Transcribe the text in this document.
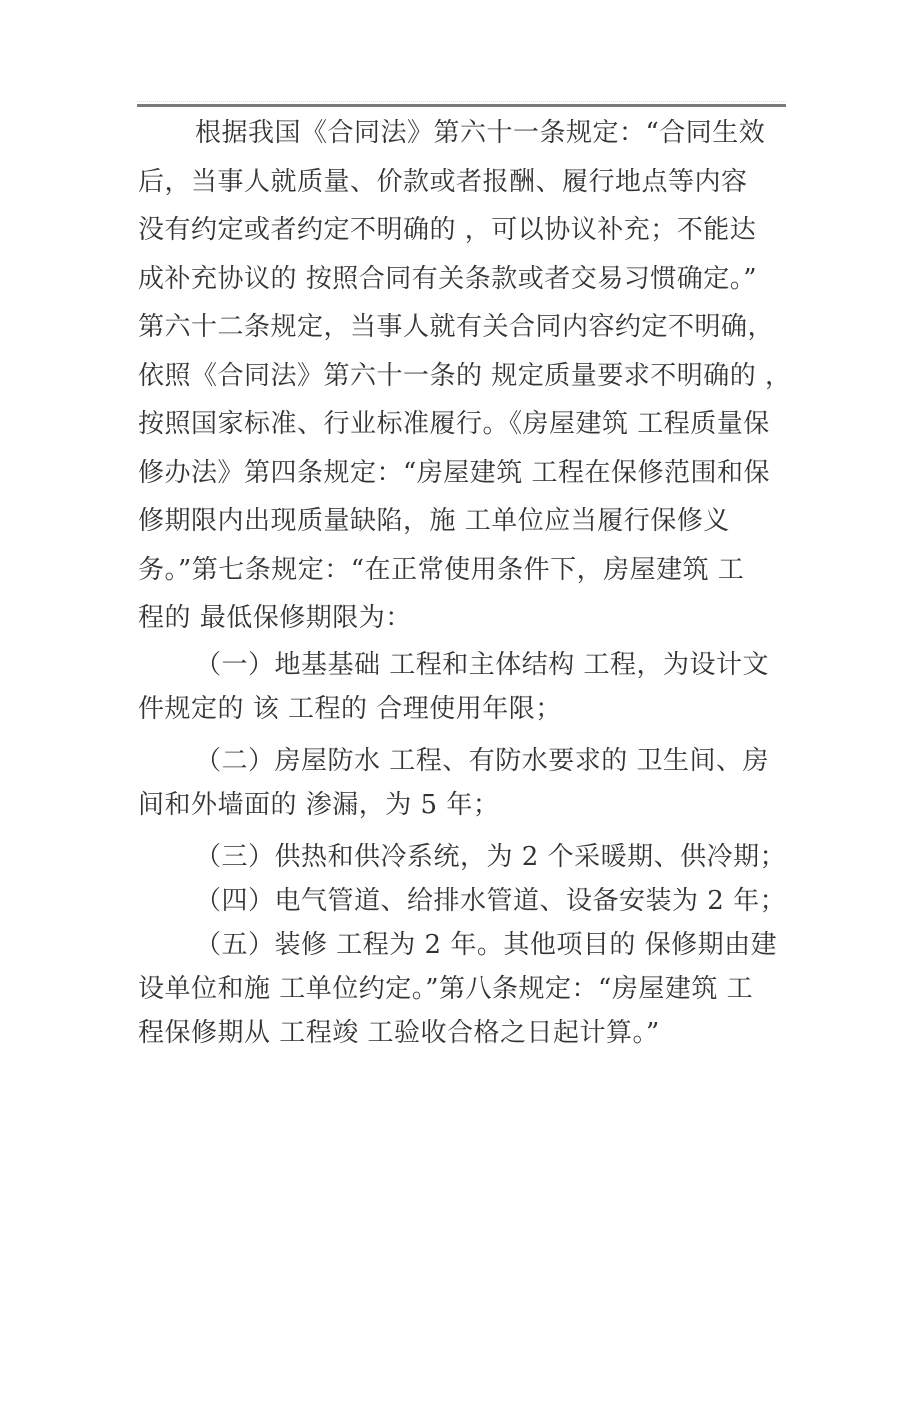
根据我国《合同法》第六十一条规定：“合同生效
后，当事人就质量、价款或者报酬、履行地点等内容
没有约定或者约定不明确的 ，可以协议补充；不能达
成补充协议的 按照合同有关条款或者交易习惯确定。”
第六十二条规定，当事人就有关合同内容约定不明确，
依照《合同法》第六十一条的 规定质量要求不明确的 ，
按照国家标准、行业标准履行。《房屋建筑 工程质量保
修办法》第四条规定：“房屋建筑 工程在保修范围和保
修期限内出现质量缺陷，施 工单位应当履行保修义
务。”第七条规定：“在正常使用条件下，房屋建筑 工
程的 最低保修期限为：
（一）地基基础 工程和主体结构 工程，为设计文
件规定的 该 工程的 合理使用年限；
（二）房屋防水 工程、有防水要求的 卫生间、房
间和外墙面的 渗漏，为 5 年；
（三）供热和供冷系统，为 2 个采暖期、供冷期；
（四）电气管道、给排水管道、设备安装为 2 年；
（五）装修 工程为 2 年。其他项目的 保修期由建
设单位和施 工单位约定。”第八条规定：“房屋建筑 工
程保修期从 工程竣 工验收合格之日起计算。”
